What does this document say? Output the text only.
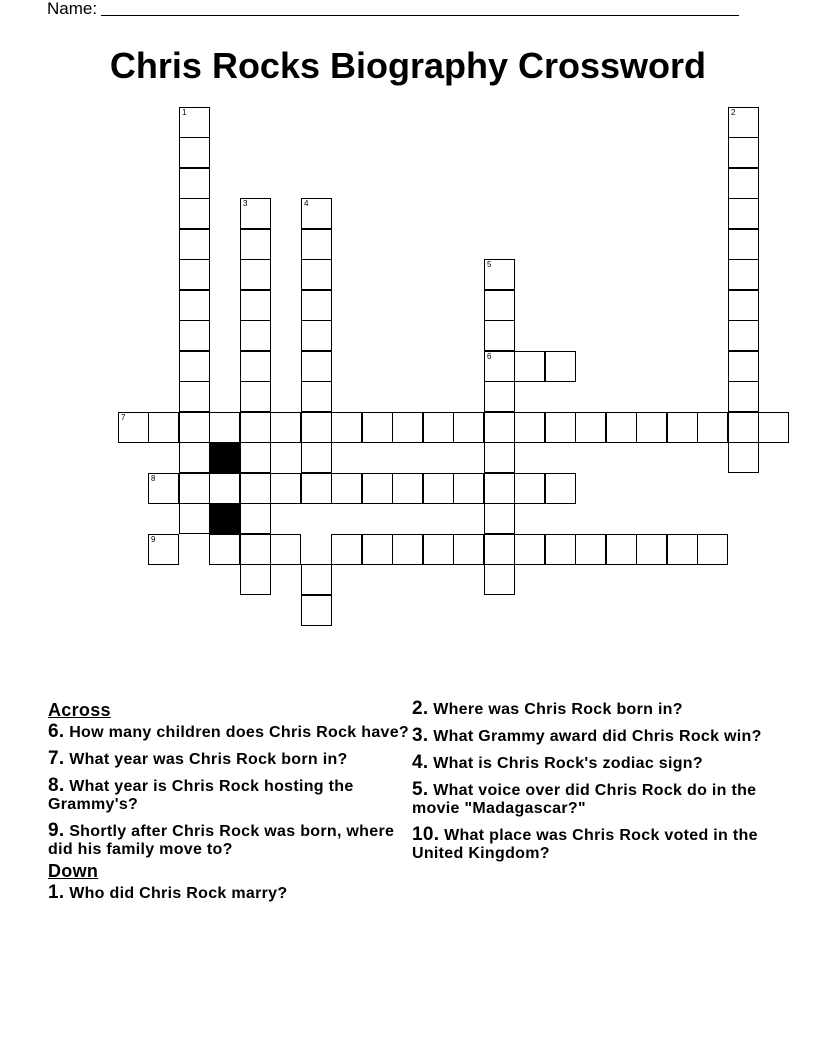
Name:
Chris Rocks Biography Crossword
1	2
3	4
5
6
7
8
9
Across
6. How many children does Chris Rock have?
7. What year was Chris Rock born in?
8. What year is Chris Rock hosting the Grammy's?
9. Shortly after Chris Rock was born, where did his family move to?
Down
1. Who did Chris Rock marry?
2. Where was Chris Rock born in?
3. What Grammy award did Chris Rock win?
4. What is Chris Rock's zodiac sign?
5. What voice over did Chris Rock do in the movie "Madagascar?"
10. What place was Chris Rock voted in the United Kingdom?
